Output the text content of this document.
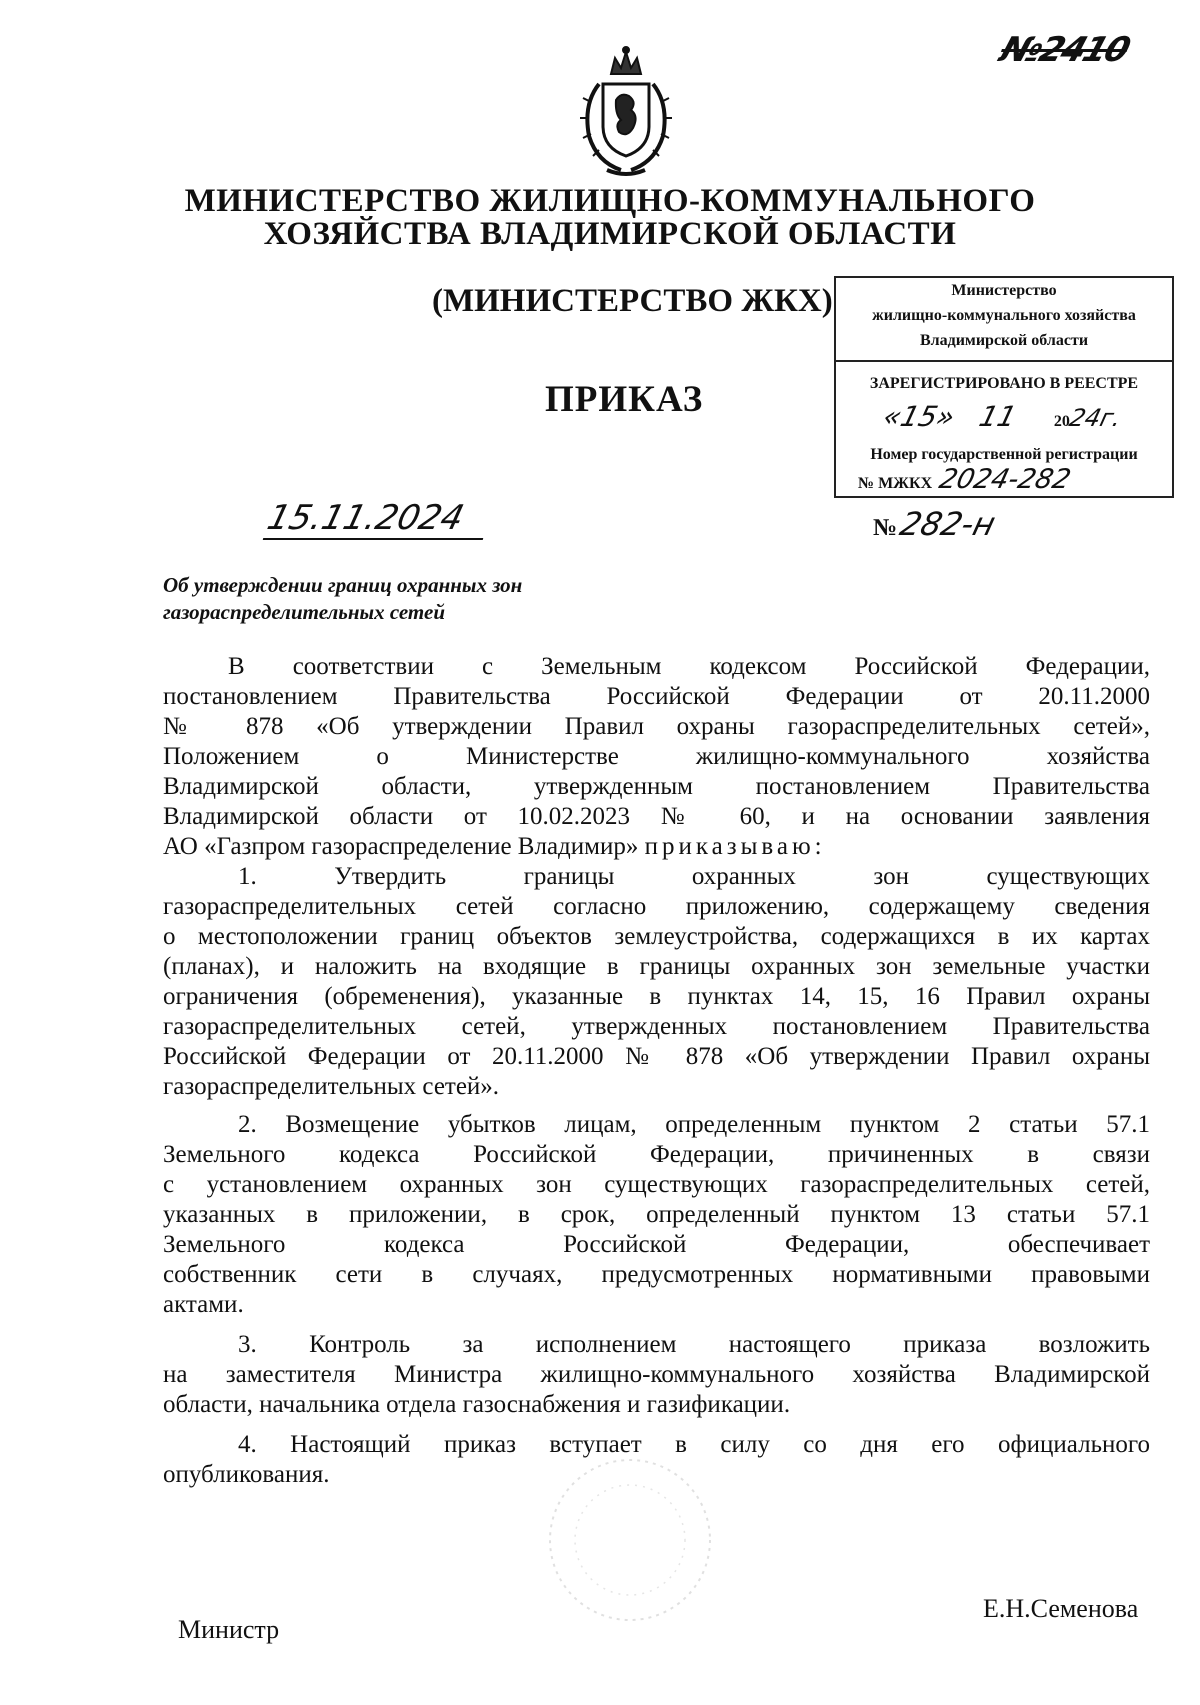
№2410
МИНИСТЕРСТВО ЖИЛИЩНО-КОММУНАЛЬНОГО
ХОЗЯЙСТВА ВЛАДИМИРСКОЙ ОБЛАСТИ
(МИНИСТЕРСТВО ЖКХ)
ПРИКАЗ
Министерство
жилищно-коммунального хозяйства
Владимирской области
ЗАРЕГИСТРИРОВАНО В РЕЕСТРЕ
«15» 11 2024г.
Номер государственной регистрации
№ МЖКХ 2024-282
15.11.2024	№282-н
Об утверждении границ охранных зон
газораспределительных сетей
В соответствии с Земельным кодексом Российской Федерации,
постановлением Правительства Российской Федерации от 20.11.2000
№ 878 «Об утверждении Правил охраны газораспределительных сетей»,
Положением о Министерстве жилищно-коммунального хозяйства
Владимирской области, утвержденным постановлением Правительства
Владимирской области от 10.02.2023 № 60, и на основании заявления
АО «Газпром газораспределение Владимир» приказываю:
1. Утвердить границы охранных зон существующих
газораспределительных сетей согласно приложению, содержащему сведения
о местоположении границ объектов землеустройства, содержащихся в их картах
(планах), и наложить на входящие в границы охранных зон земельные участки
ограничения (обременения), указанные в пунктах 14, 15, 16 Правил охраны
газораспределительных сетей, утвержденных постановлением Правительства
Российской Федерации от 20.11.2000 № 878 «Об утверждении Правил охраны
газораспределительных сетей».
2. Возмещение убытков лицам, определенным пунктом 2 статьи 57.1
Земельного кодекса Российской Федерации, причиненных в связи
с установлением охранных зон существующих газораспределительных сетей,
указанных в приложении, в срок, определенный пунктом 13 статьи 57.1
Земельного кодекса Российской Федерации, обеспечивает
собственник сети в случаях, предусмотренных нормативными правовыми
актами.
3. Контроль за исполнением настоящего приказа возложить
на заместителя Министра жилищно-коммунального хозяйства Владимирской
области, начальника отдела газоснабжения и газификации.
4. Настоящий приказ вступает в силу со дня его официального
опубликования.
Министр
Е.Н.Семенова
